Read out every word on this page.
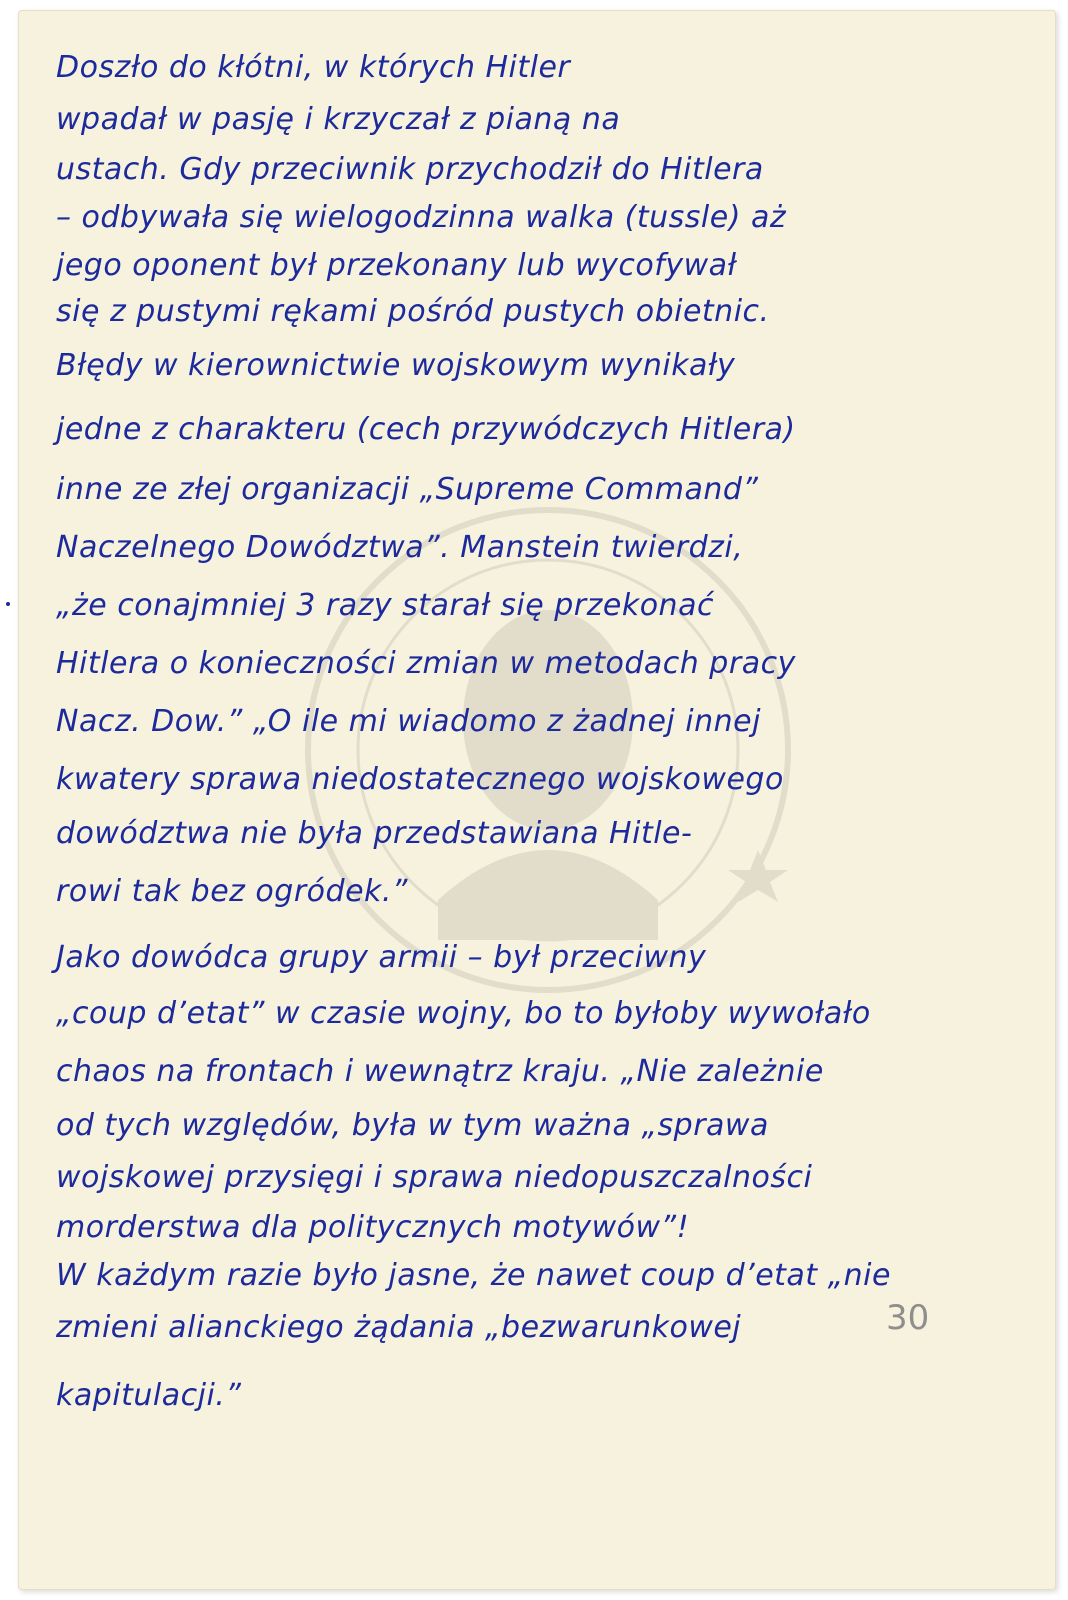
Doszło do kłótni, w których Hitler
wpadał w pasję i krzyczał z pianą na
ustach. Gdy przeciwnik przychodził do Hitlera
– odbywała się wielogodzinna walka (tussle) aż
jego oponent był przekonany lub wycofywał
się z pustymi rękami pośród pustych obietnic.
Błędy w kierownictwie wojskowym wynikały
jedne z charakteru (cech przywódczych Hitlera)
inne ze złej organizacji „Supreme Command”
Naczelnego Dowództwa”. Manstein twierdzi,
„że conajmniej 3 razy starał się przekonać
Hitlera o konieczności zmian w metodach pracy
Nacz. Dow.” „O ile mi wiadomo z żadnej innej
kwatery sprawa niedostatecznego wojskowego
dowództwa nie była przedstawiana Hitle-
rowi tak bez ogródek.”
Jako dowódca grupy armii – był przeciwny
„coup d’etat” w czasie wojny, bo to byłoby wywołało
chaos na frontach i wewnątrz kraju. „Nie zależnie
od tych względów, była w tym ważna „sprawa
wojskowej przysięgi i sprawa niedopuszczalności
morderstwa dla politycznych motywów”!
W każdym razie było jasne, że nawet coup d’etat „nie
zmieni alianckiego żądania „bezwarunkowej
kapitulacji.”
30
